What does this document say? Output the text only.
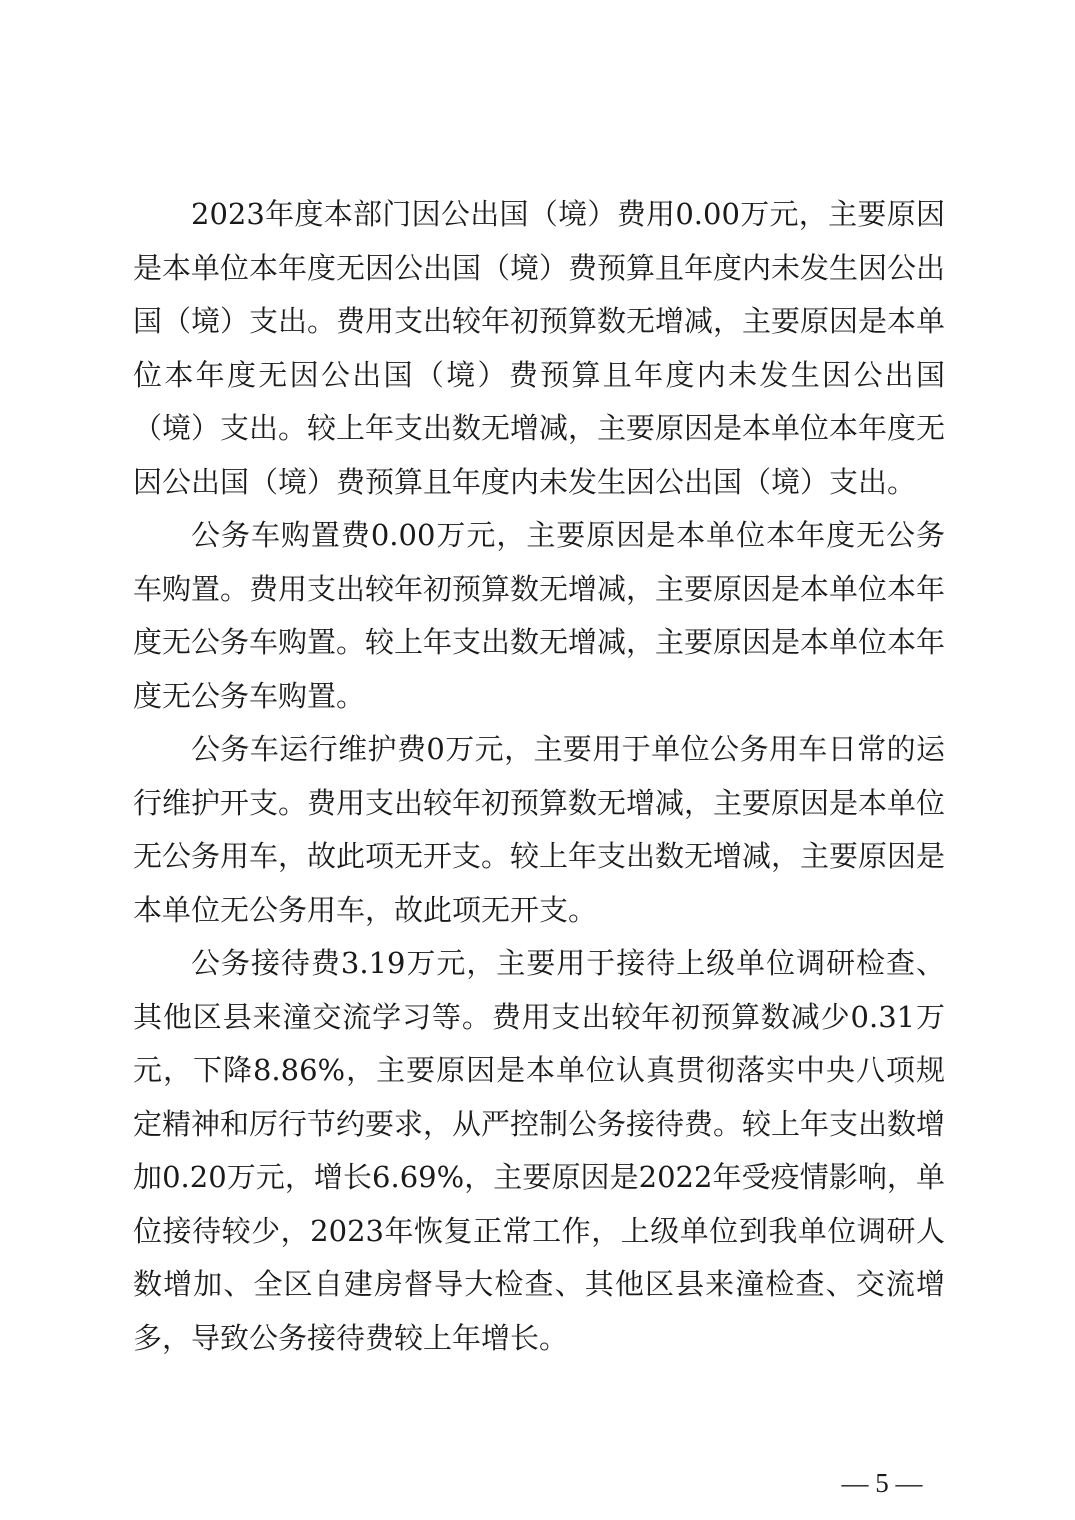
2023年度本部门因公出国（境）费用0.00万元，主要原因是本单位本年度无因公出国（境）费预算且年度内未发生因公出国（境）支出。费用支出较年初预算数无增减，主要原因是本单位本年度无因公出国（境）费预算且年度内未发生因公出国（境）支出。较上年支出数无增减，主要原因是本单位本年度无因公出国（境）费预算且年度内未发生因公出国（境）支出。

公务车购置费0.00万元，主要原因是本单位本年度无公务车购置。费用支出较年初预算数无增减，主要原因是本单位本年度无公务车购置。较上年支出数无增减，主要原因是本单位本年度无公务车购置。

公务车运行维护费0万元，主要用于单位公务用车日常的运行维护开支。费用支出较年初预算数无增减，主要原因是本单位无公务用车，故此项无开支。较上年支出数无增减，主要原因是本单位无公务用车，故此项无开支。

公务接待费3.19万元，主要用于接待上级单位调研检查、其他区县来潼交流学习等。费用支出较年初预算数减少0.31万元，下降8.86%，主要原因是本单位认真贯彻落实中央八项规定精神和厉行节约要求，从严控制公务接待费。较上年支出数增加0.20万元，增长6.69%，主要原因是2022年受疫情影响，单位接待较少，2023年恢复正常工作，上级单位到我单位调研人数增加、全区自建房督导大检查、其他区县来潼检查、交流增多，导致公务接待费较上年增长。

— 5 —
